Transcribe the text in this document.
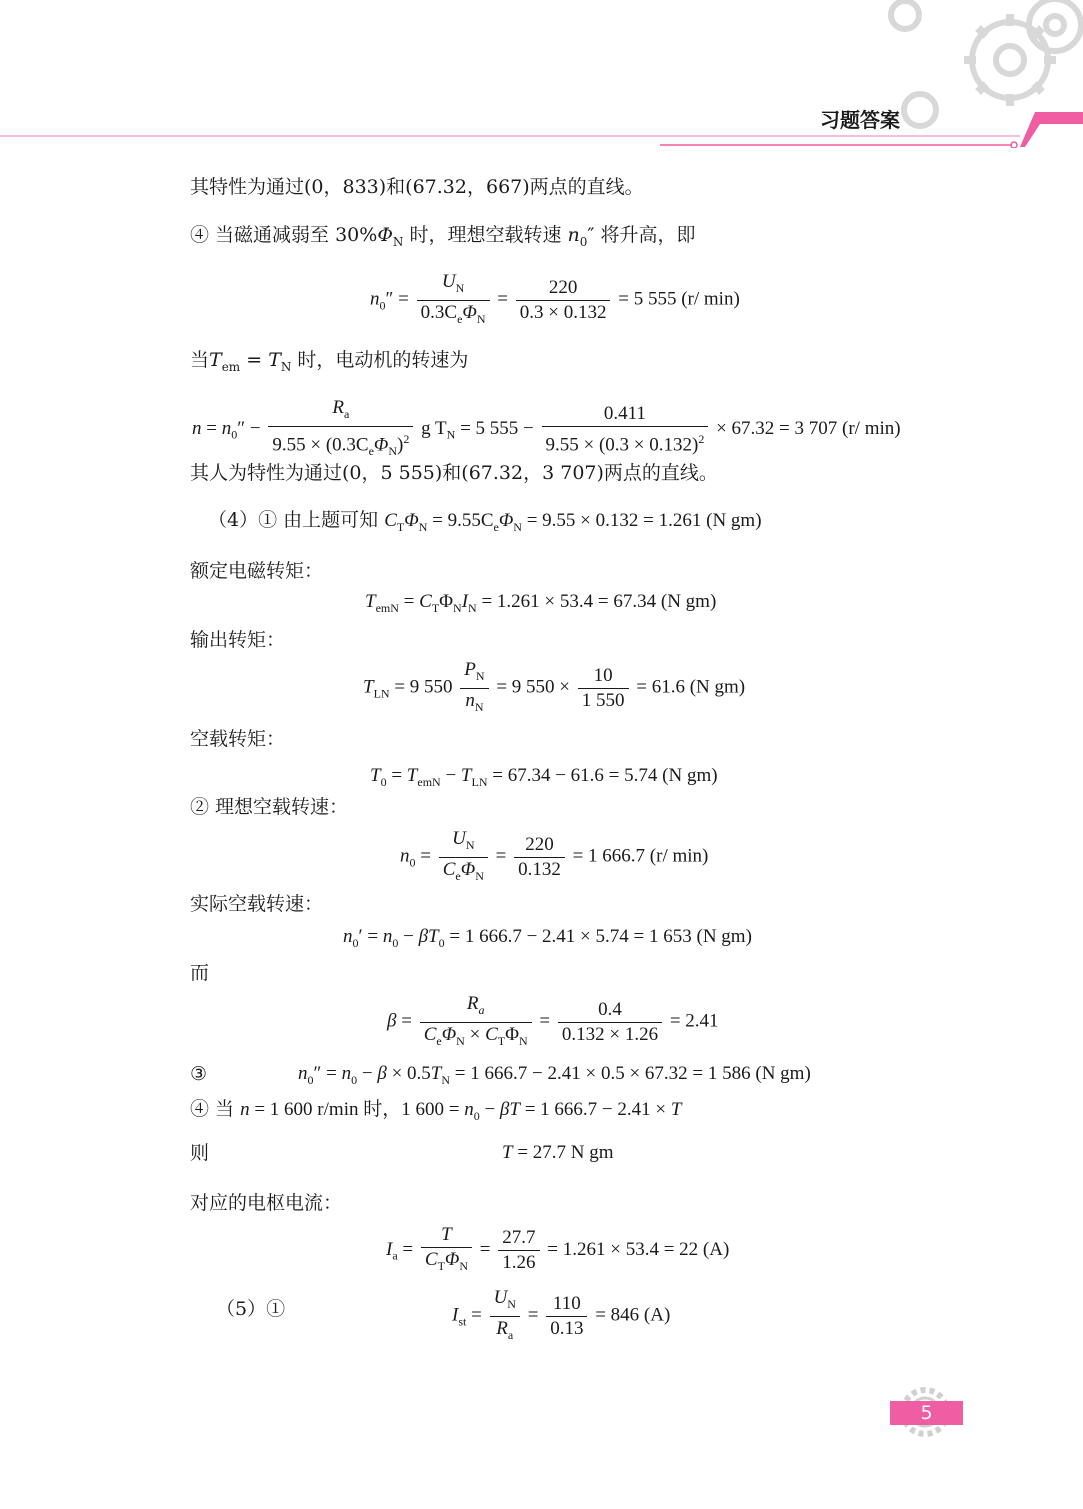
习题答案
其特性为通过(0，833)和(67.32，667)两点的直线。
④ 当磁通减弱至 $30\%\Phi_N$ 时，理想空载转速 $n_0''$ 将升高，即
$n_0'' = \frac{U_N}{0.3C_e\Phi_N} = \frac{220}{0.3 \times 0.132} = 5$ 555 (r/ min)
当$T_{em} = T_N$ 时，电动机的转速为
$n = n_0'' - \frac{R_a}{9.55 \times (0.3C_e\Phi_N)^2}$ g $T_N = 5$ $555 - \frac{0.411}{9.55 \times (0.3 \times 0.132)^2} \times 67.32 = 3$ 707 (r/ min)
其人为特性为通过(0，5 555)和(67.32，3 707)两点的直线。
（4）① 由上题可知 $C_T\Phi_N = 9.55C_e\Phi_N = 9.55 \times 0.132 = 1.261$ (N gm)
额定电磁转矩：
$T_{emN} = C_T\Phi_NI_N = 1.261 \times 53.4 = 67.34$ (N gm)
输出转矩：
$T_{LN} = 9$ $550 \frac{P_N}{n_N} = 9$ $550 \times \frac{10}{1 550} = 61.6$ (N gm)
空载转矩：
$T_0 = T_{emN} - T_{LN} = 67.34 - 61.6 = 5.74$ (N gm)
② 理想空载转速：
$n_0 = \frac{U_N}{C_e\Phi_N} = \frac{220}{0.132} = 1$ 666.7 (r/ min)
实际空载转速：
$n_0' = n_0 - \beta T_0 = 1$ 666.7 − 2.41 × 5.74 = 1 653 (N gm)
而
$\beta = \frac{R_a}{C_e\Phi_N \times C_T\Phi_N} = \frac{0.4}{0.132 \times 1.26} = 2.41$
③	$n_0'' = n_0 - \beta \times 0.5T_N = 1$ 666.7 − 2.41 × 0.5 × 67.32 = 1 586 (N gm)
④ 当 n = 1 600 r/min 时，1 $600 = n_0 - \beta T = 1$ 666.7 − 2.41 × T
则	T = 27.7 N gm
对应的电枢电流：
$I_a = \frac{T}{C_T\Phi_N} = \frac{27.7}{1.26} = 1.261 \times 53.4 = 22$ (A)
（5）①	$I_{st} = \frac{U_N}{R_a} = \frac{110}{0.13} = 846$ (A)
5
